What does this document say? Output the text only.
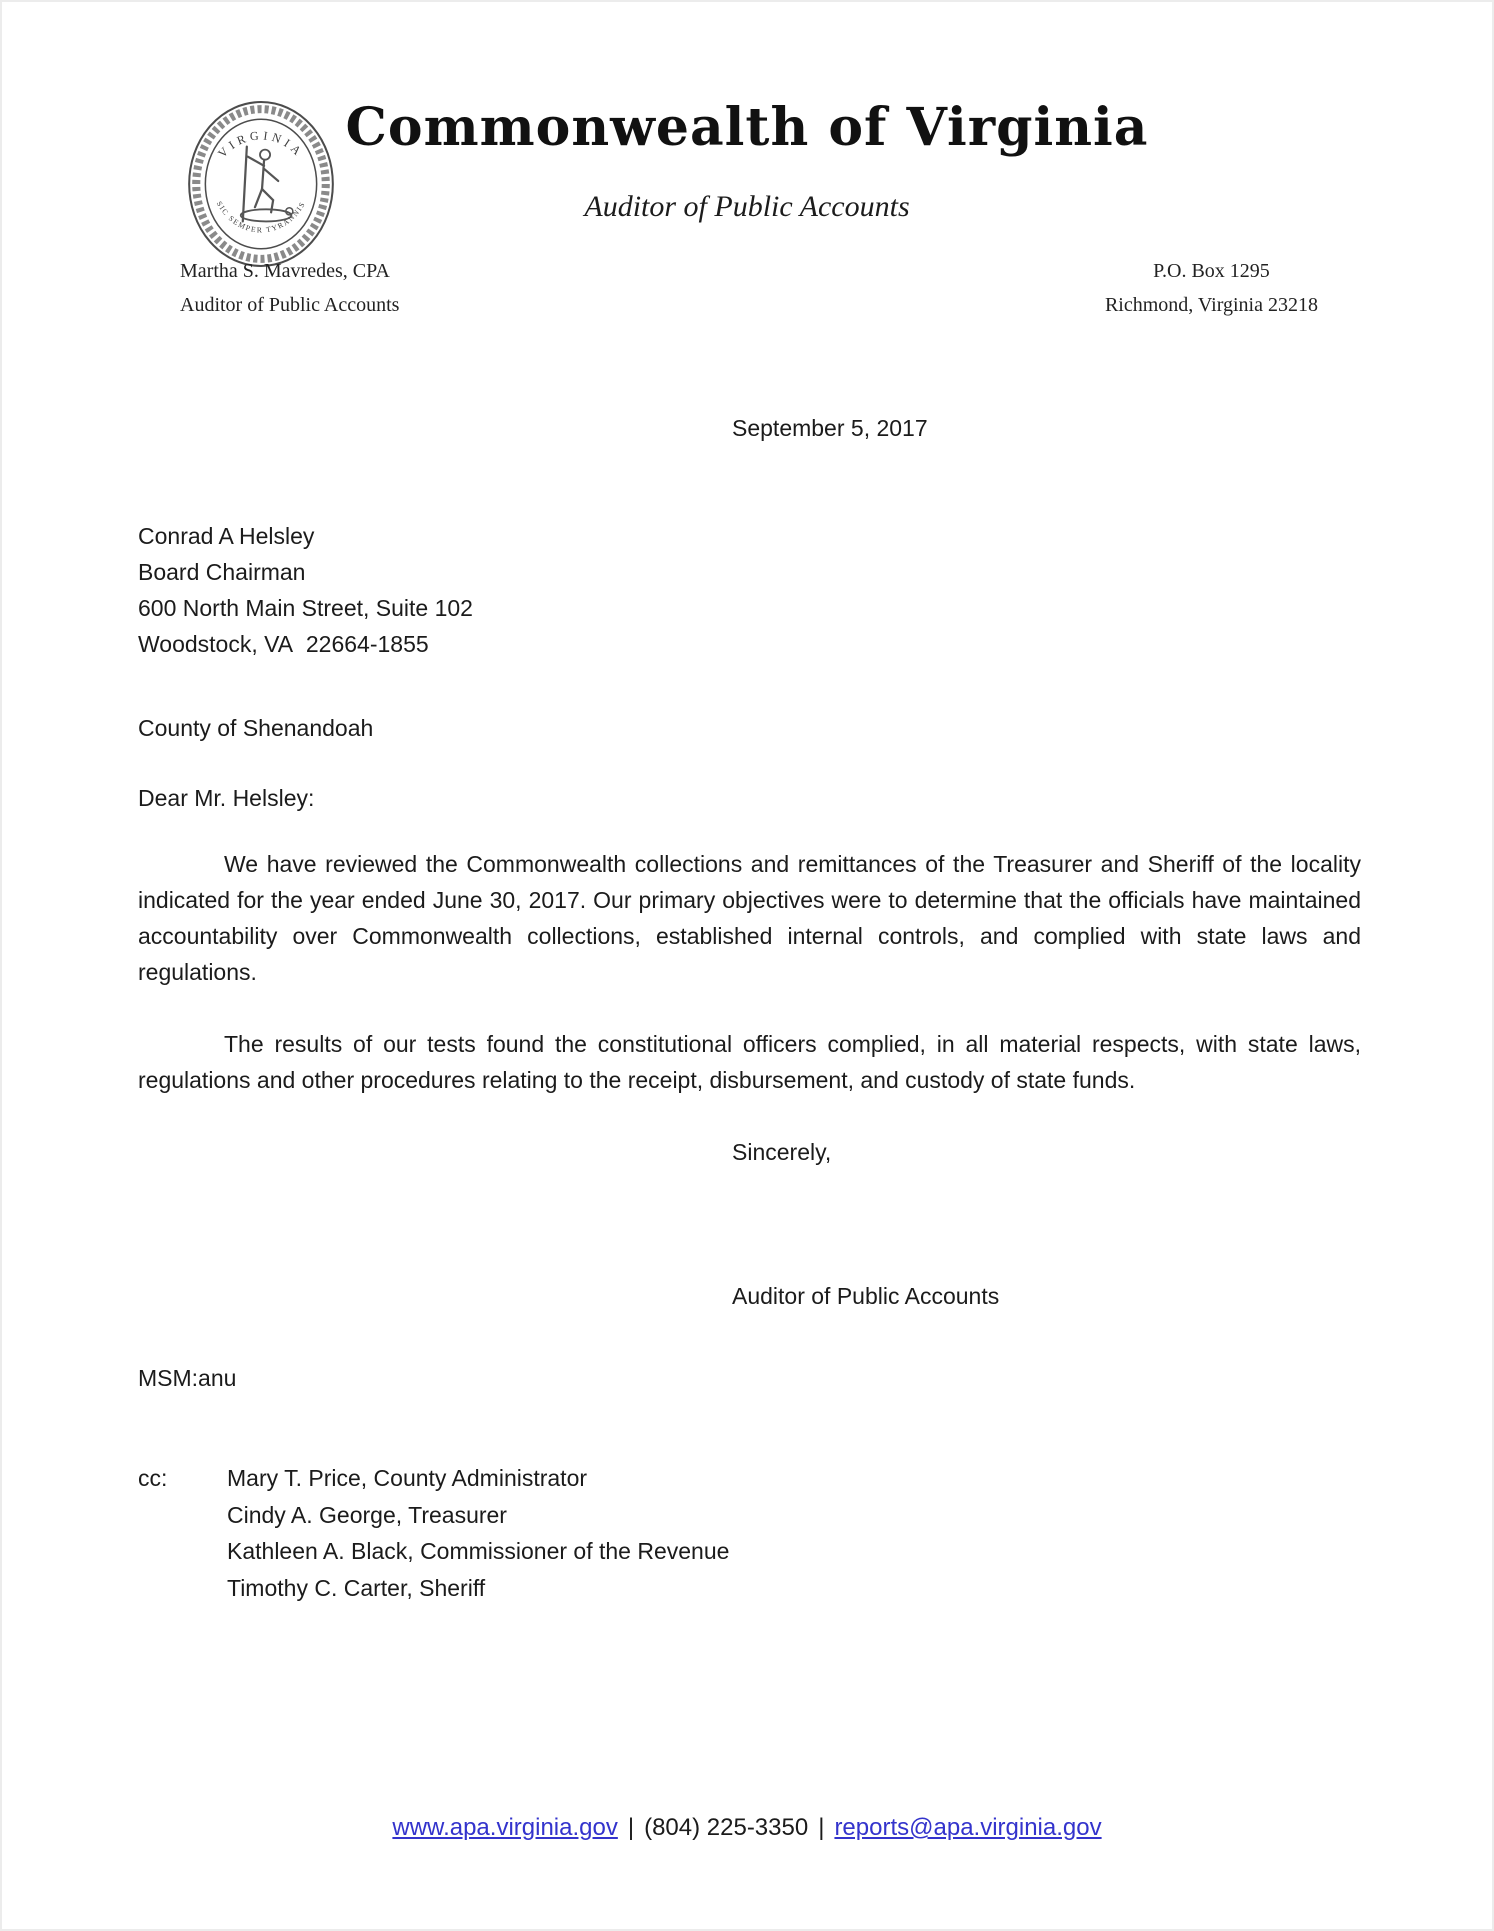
VIRGINIA
SIC SEMPER TYRANNIS
Commonwealth of Virginia
Auditor of Public Accounts
Martha S. Mavredes, CPA
Auditor of Public Accounts
P.O. Box 1295
Richmond, Virginia 23218
September 5, 2017
Conrad A Helsley
Board Chairman
600 North Main Street, Suite 102
Woodstock, VA  22664-1855
County of Shenandoah
Dear Mr. Helsley:

We have reviewed the Commonwealth collections and remittances of the Treasurer and Sheriff of the locality indicated for the year ended June 30, 2017. Our primary objectives were to determine that the officials have maintained accountability over Commonwealth collections, established internal controls, and complied with state laws and regulations.

The results of our tests found the constitutional officers complied, in all material respects, with state laws, regulations and other procedures relating to the receipt, disbursement, and custody of state funds.

Sincerely,
Auditor of Public Accounts
MSM:anu
cc:	Mary T. Price, County Administrator
Cindy A. George, Treasurer
Kathleen A. Black, Commissioner of the Revenue
Timothy C. Carter, Sheriff
www.apa.virginia.gov | (804) 225-3350 | reports@apa.virginia.gov
